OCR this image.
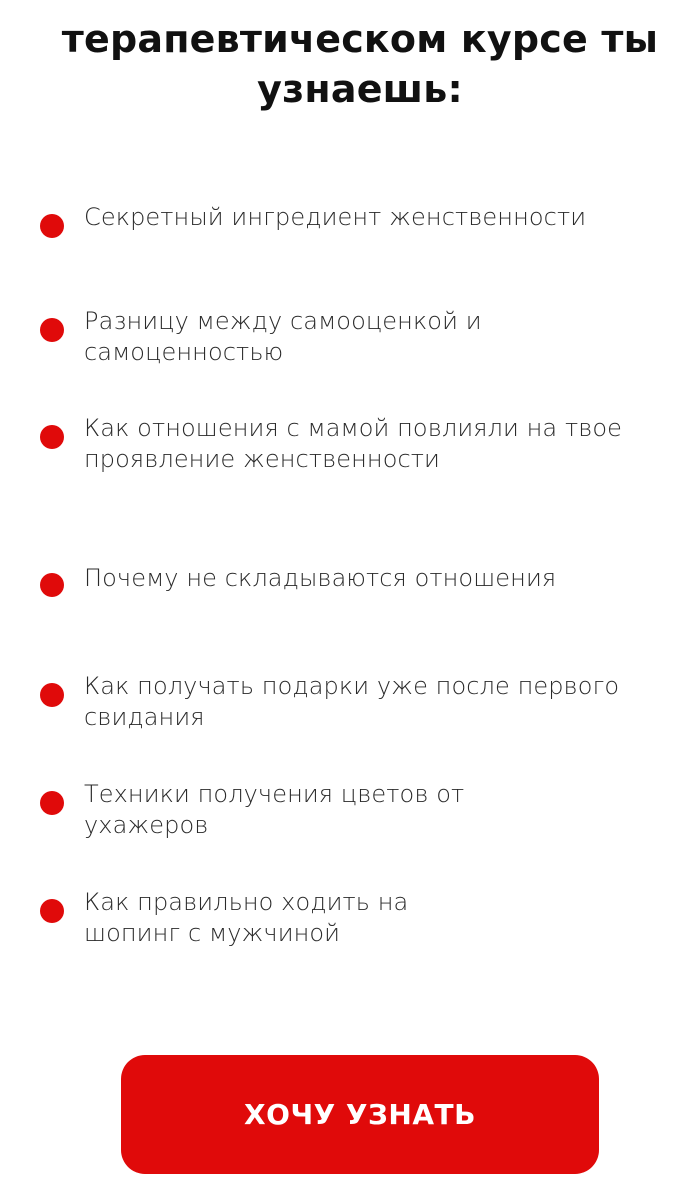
терапевтическом курсе ты
узнаешь:
Секретный ингредиент женственности
Разницу между самооценкой и самоценностью
Как отношения с мамой повлияли на твое проявление женственности
Почему не складываются отношения
Как получать подарки уже после первого свидания
Техники получения цветов от ухажеров
Как правильно ходить на шопинг с мужчиной
ХОЧУ УЗНАТЬ
